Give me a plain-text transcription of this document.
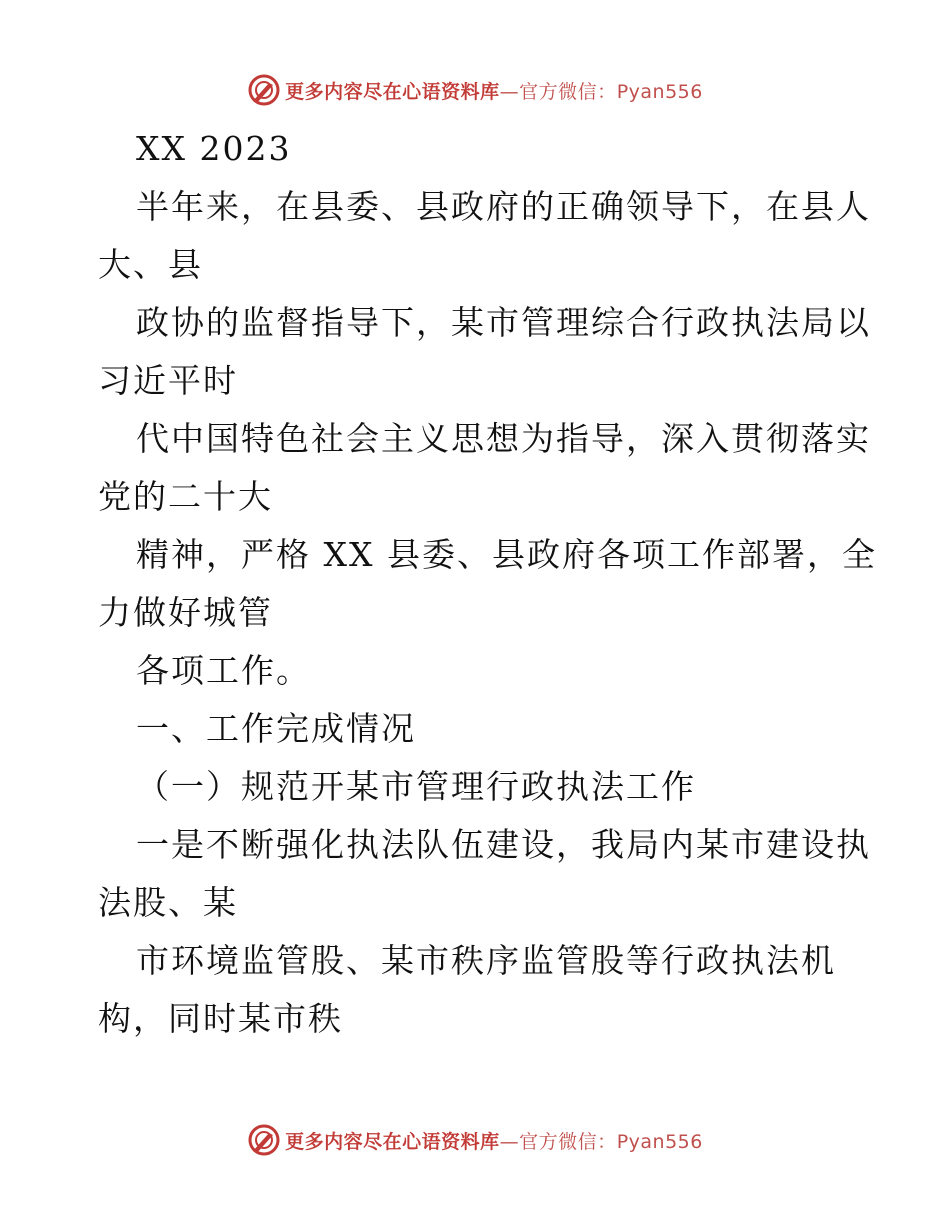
更多内容尽在心语资料库—官方微信：Pyan556
XX 2023
半年来，在县委、县政府的正确领导下，在县人
大、县
政协的监督指导下，某市管理综合行政执法局以
习近平时
代中国特色社会主义思想为指导，深入贯彻落实
党的二十大
精神，严格 XX 县委、县政府各项工作部署，全
力做好城管
各项工作。
一、工作完成情况
（一）规范开某市管理行政执法工作
一是不断强化执法队伍建设，我局内某市建设执
法股、某
市环境监管股、某市秩序监管股等行政执法机
构，同时某市秩
更多内容尽在心语资料库—官方微信：Pyan556
